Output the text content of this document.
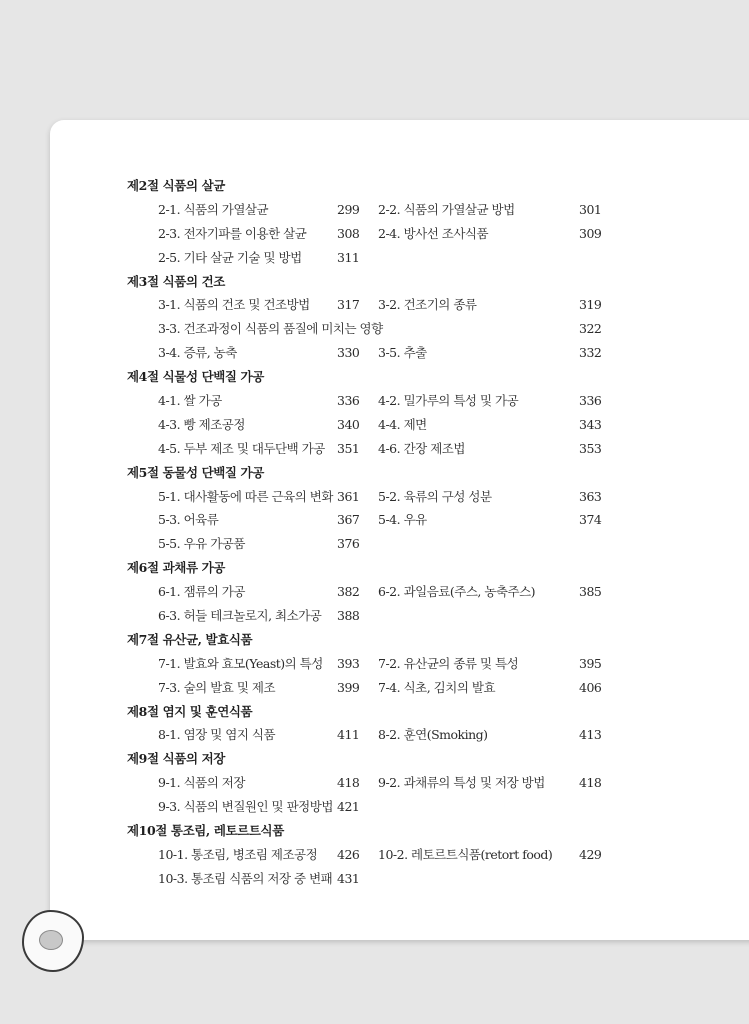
제2절 식품의 살균
2-1. 식품의 가열살균	299 2-2. 식품의 가열살균 방법	301
2-3. 전자기파를 이용한 살균 308 2-4. 방사선 조사식품	309
2-5. 기타 살균 기술 및 방법	311
제3절 식품의 건조
3-1. 식품의 건조 및 건조방법 317 3-2. 건조기의 종류	319
3-3. 건조과정이 식품의 품질에 미치는 영향	322
3-4. 증류, 농축	330 3-5. 추출	332
제4절 식물성 단백질 가공
4-1. 쌀 가공	336 4-2. 밀가루의 특성 및 가공	336
4-3. 빵 제조공정	340 4-4. 제면	343
4-5. 두부 제조 및 대두단백 가공 351 4-6. 간장 제조법	353
제5절 동물성 단백질 가공
5-1. 대사활동에 따른 근육의 변화 361 5-2. 육류의 구성 성분	363
5-3. 어육류	367 5-4. 우유	374
5-5. 우유 가공품	376
제6절 과채류 가공
6-1. 잼류의 가공	382 6-2. 과일음료(주스, 농축주스)	385
6-3. 허들 테크놀로지, 최소가공 388
제7절 유산균, 발효식품
7-1. 발효와 효모(Yeast)의 특성 393 7-2. 유산균의 종류 및 특성	395
7-3. 술의 발효 및 제조	399 7-4. 식초, 김치의 발효	406
제8절 염지 및 훈연식품
8-1. 염장 및 염지 식품	411 8-2. 훈연(Smoking)	413
제9절 식품의 저장
9-1. 식품의 저장	418 9-2. 과채류의 특성 및 저장 방법	418
9-3. 식품의 변질원인 및 판정방법 421
제10절 통조림, 레토르트식품
10-1. 통조림, 병조림 제조공정 426 10-2. 레토르트식품(retort food) 429
10-3. 통조림 식품의 저장 중 변패 431
